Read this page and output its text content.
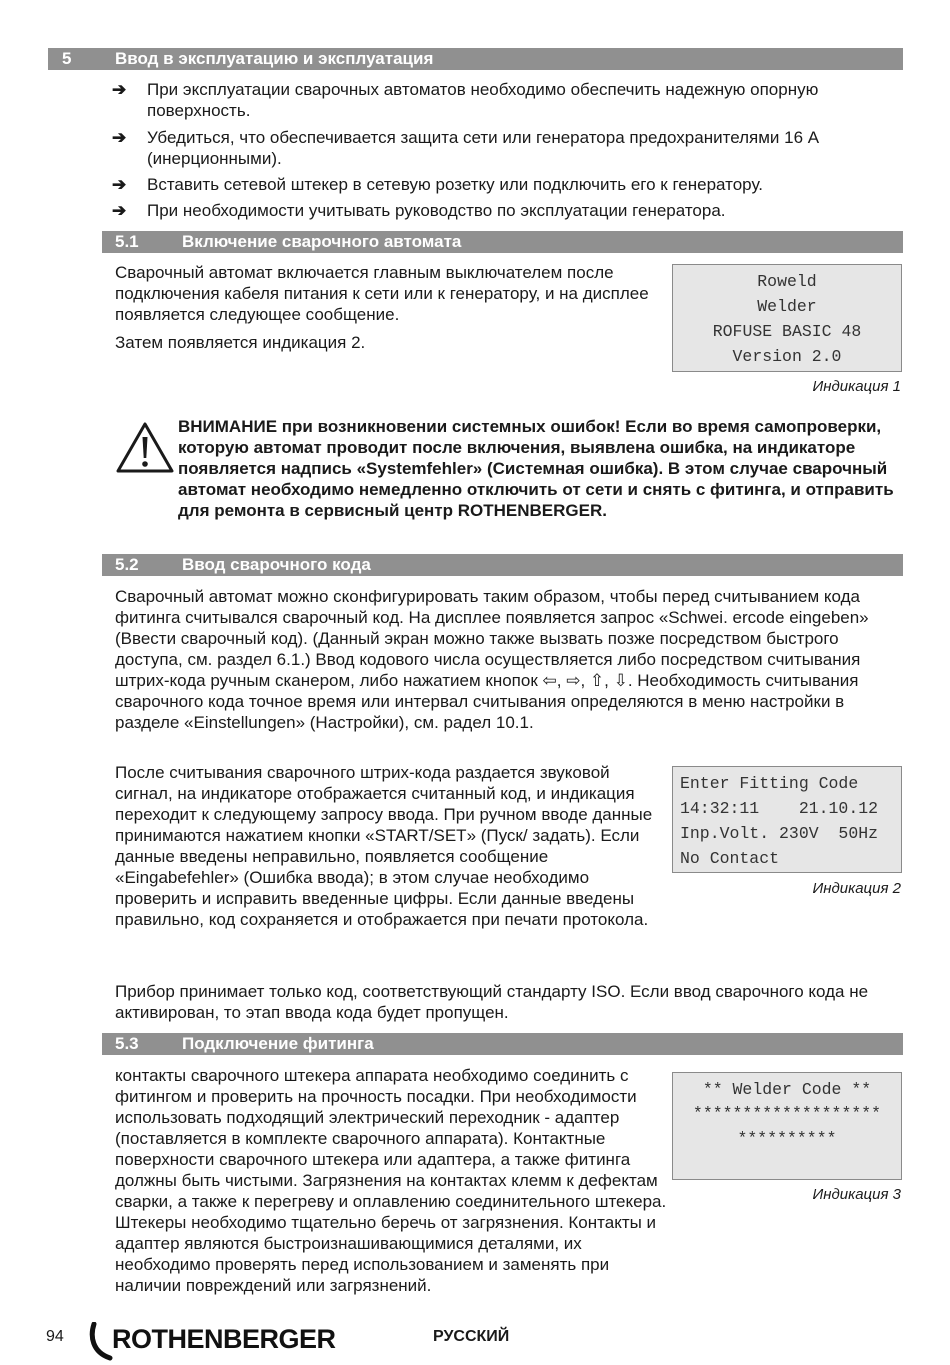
5	Ввод в эксплуатацию и эксплуатация
➔ При эксплуатации сварочных автоматов необходимо обеспечить надежную опорную поверхность.
➔ Убедиться, что обеспечивается защита сети или генератора предохранителями 16 А (инерционными).
➔ Вставить сетевой штекер в сетевую розетку или подключить его к генератору.
➔ При необходимости учитывать руководство по эксплуатации генератора.
5.1	Включение сварочного автомата

Сварочный автомат включается главным выключателем после подключения кабеля питания к сети или к генератору, и на дисплее появляется следующее сообщение.

Затем появляется индикация 2.

Roweld
Welder
ROFUSE BASIC 48
Version 2.0
Индикация 1
ВНИМАНИЕ при возникновении системных ошибок! Если во время самопроверки, которую автомат проводит после включения, выявлена ошибка, на индикаторе появляется надпись «Systemfehler» (Системная ошибка). В этом случае сварочный автомат необходимо немедленно отключить от сети и снять с фитинга, и отправить для ремонта в сервисный центр ROTHENBERGER.
5.2	Ввод сварочного кода
Сварочный автомат можно сконфигурировать таким образом, чтобы перед считыванием кода фитинга считывался сварочный код. На дисплее появляется запрос «Schwei. ercode eingeben» (Ввести сварочный код). (Данный экран можно также вызвать позже посредством быстрого доступа, см. раздел 6.1.) Ввод кодового числа осуществляется либо посредством считывания штрих-кода ручным сканером, либо нажатием кнопок ⇦, ⇨, ⇧, ⇩. Необходимость считывания сварочного кода точное время или интервал считывания определяются в меню настройки в разделе «Einstellungen» (Настройки), см. радел 10.1.
После считывания сварочного штрих-кода раздается звуковой сигнал, на индикаторе отображается считанный код, и индикация переходит к следующему запросу ввода. При ручном вводе данные принимаются нажатием кнопки «START/SET» (Пуск/ задать). Если данные введены неправильно, появляется сообщение «Eingabefehler» (Ошибка ввода); в этом случае необходимо проверить и исправить введенные цифры. Если данные введены правильно, код сохраняется и отображается при печати протокола.
Enter Fitting Code
14:32:11    21.10.12
Inp.Volt. 230V  50Hz
No Contact
Индикация 2
Прибор принимает только код, соответствующий стандарту ISO. Если ввод сварочного кода не активирован, то этап ввода кода будет пропущен.
5.3	Подключение фитинга
контакты сварочного штекера аппарата необходимо соединить с фитингом и проверить на прочность посадки. При необходимости использовать подходящий электрический переходник - адаптер (поставляется в комплекте сварочного аппарата). Контактные поверхности сварочного штекера или адаптера, а также фитинга должны быть чистыми. Загрязнения на контактах клемм к дефектам сварки, а также к перегреву и оплавлению соединительного штекера. Штекеры необходимо тщательно беречь от загрязнения. Контакты и адаптер являются быстроизнашивающимися деталями, их необходимо проверять перед использованием и заменять при наличии повреждений или загрязнений.
** Welder Code **
*******************
**********
Индикация 3
94 ROTHENBERGER	РУССКИЙ
